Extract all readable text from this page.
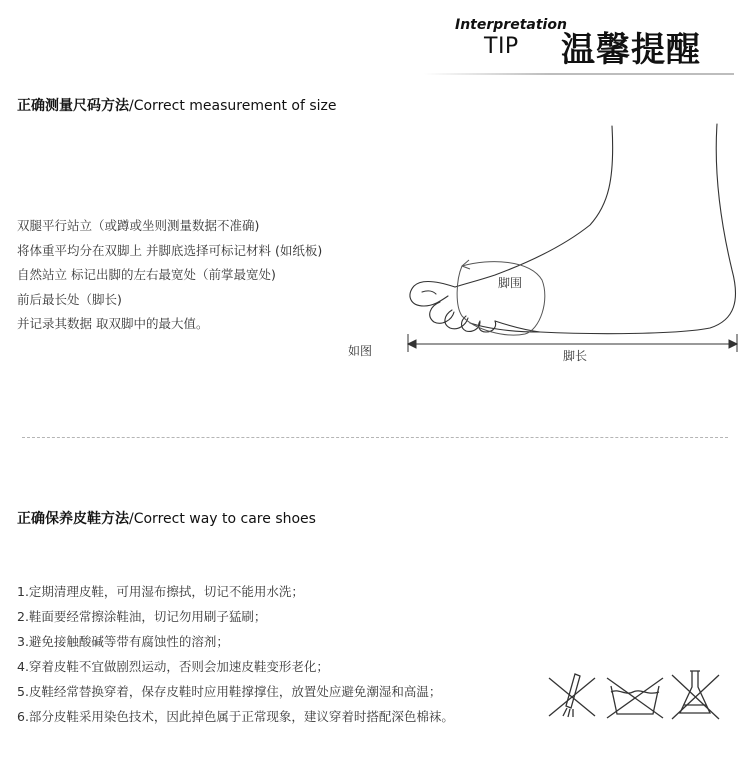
Interpretation
TIP 温馨提醒
正确测量尺码方法/Correct measurement of size
双腿平行站立（或蹲或坐则测量数据不准确)
将体重平均分在双脚上 并脚底选择可标记材料 (如纸板)
自然站立 标记出脚的左右最宽处（前掌最宽处)
前后最长处（脚长)
并记录其数据 取双脚中的最大值。
如图
脚围
脚长
正确保养皮鞋方法/Correct way to care shoes
1.定期清理皮鞋，可用湿布擦拭，切记不能用水洗；
2.鞋面要经常擦涂鞋油，切记勿用刷子猛刷；
3.避免接触酸碱等带有腐蚀性的溶剂；
4.穿着皮鞋不宜做剧烈运动，否则会加速皮鞋变形老化；
5.皮鞋经常替换穿着，保存皮鞋时应用鞋撑撑住，放置处应避免潮湿和高温；
6.部分皮鞋采用染色技术，因此掉色属于正常现象，建议穿着时搭配深色棉袜。
